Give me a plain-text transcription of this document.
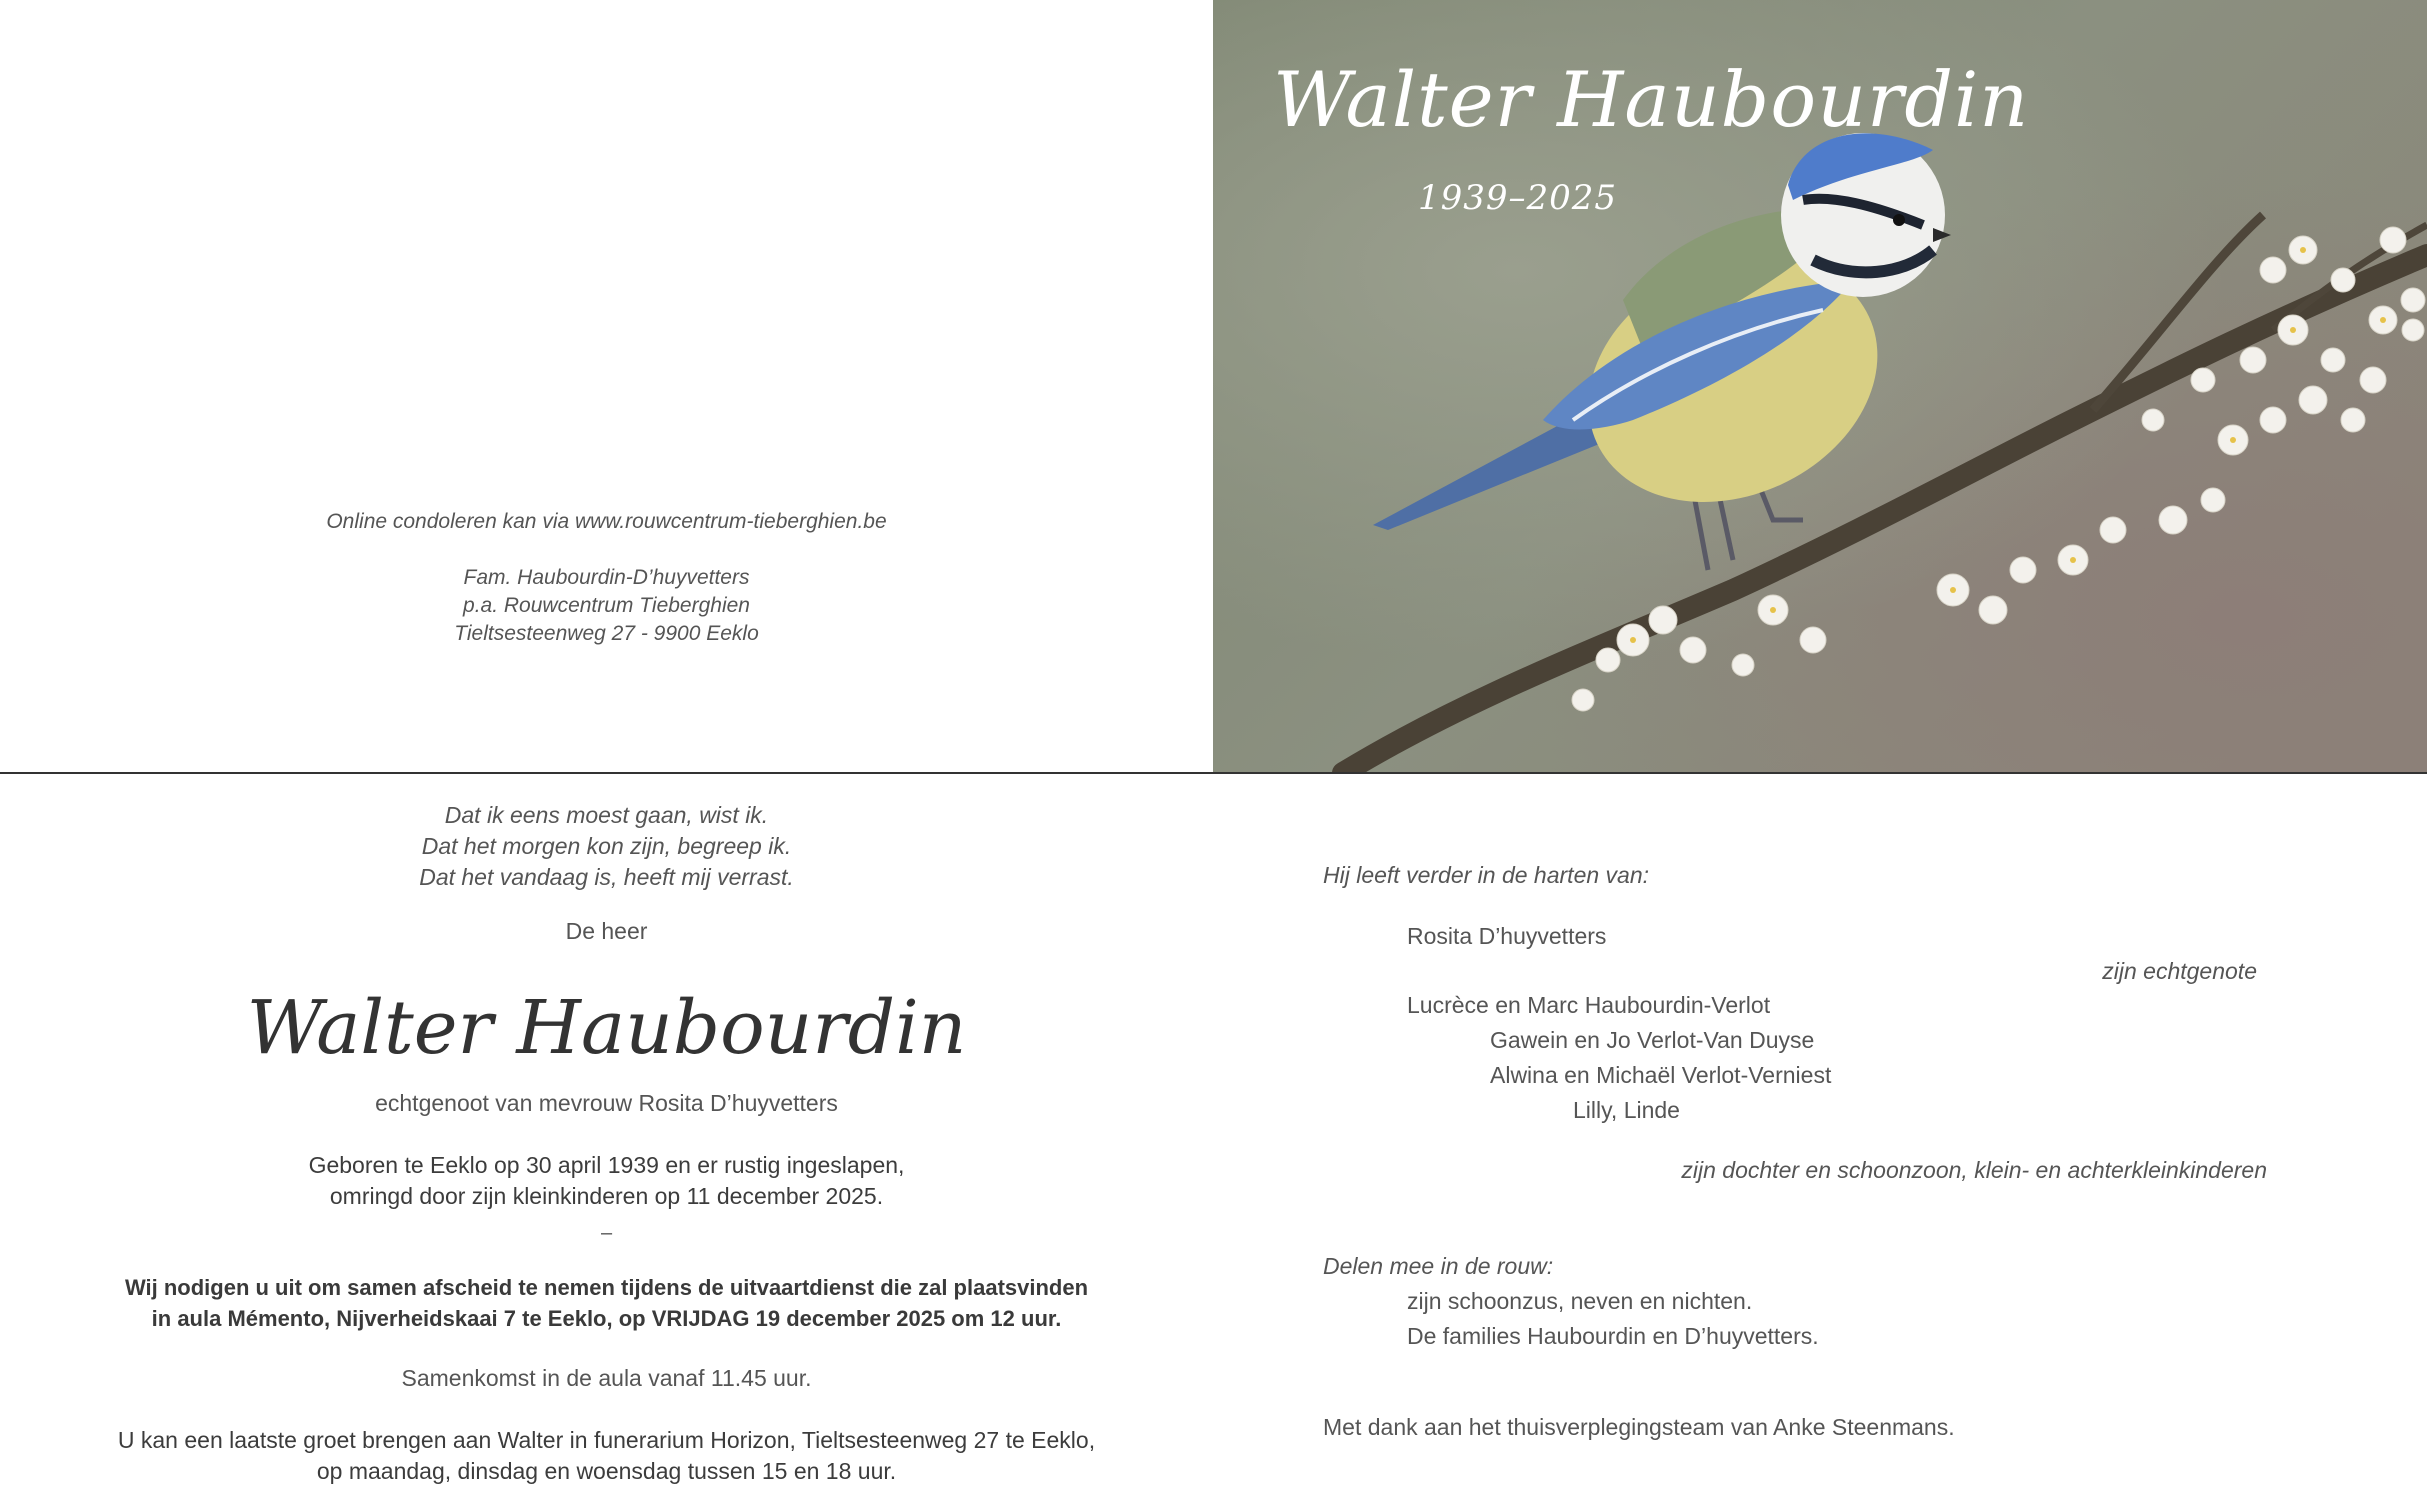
Online condoleren kan via www.rouwcentrum-tieberghien.be
Fam. Haubourdin-D’huyvetters
p.a. Rouwcentrum Tieberghien
Tieltsesteenweg 27 - 9900 Eeklo
Walter Haubourdin
1939–2025
Dat ik eens moest gaan, wist ik.
Dat het morgen kon zijn, begreep ik.
Dat het vandaag is, heeft mij verrast.
De heer
Walter Haubourdin
echtgenoot van mevrouw Rosita D’huyvetters
Geboren te Eeklo op 30 april 1939 en er rustig ingeslapen,
omringd door zijn kleinkinderen op 11 december 2025.
–
Wij nodigen u uit om samen afscheid te nemen tijdens de uitvaartdienst die zal plaatsvinden
in aula Mémento, Nijverheidskaai 7 te Eeklo, op VRIJDAG 19 december 2025 om 12 uur.
Samenkomst in de aula vanaf 11.45 uur.
U kan een laatste groet brengen aan Walter in funerarium Horizon, Tieltsesteenweg 27 te Eeklo,
op maandag, dinsdag en woensdag tussen 15 en 18 uur.
Hij leeft verder in de harten van:
Rosita D’huyvetters
zijn echtgenote
Lucrèce en Marc Haubourdin-Verlot
Gawein en Jo Verlot-Van Duyse
Alwina en Michaël Verlot-Verniest
Lilly, Linde
zijn dochter en schoonzoon, klein- en achterkleinkinderen
Delen mee in de rouw:
zijn schoonzus, neven en nichten.
De families Haubourdin en D’huyvetters.
Met dank aan het thuisverplegingsteam van Anke Steenmans.
